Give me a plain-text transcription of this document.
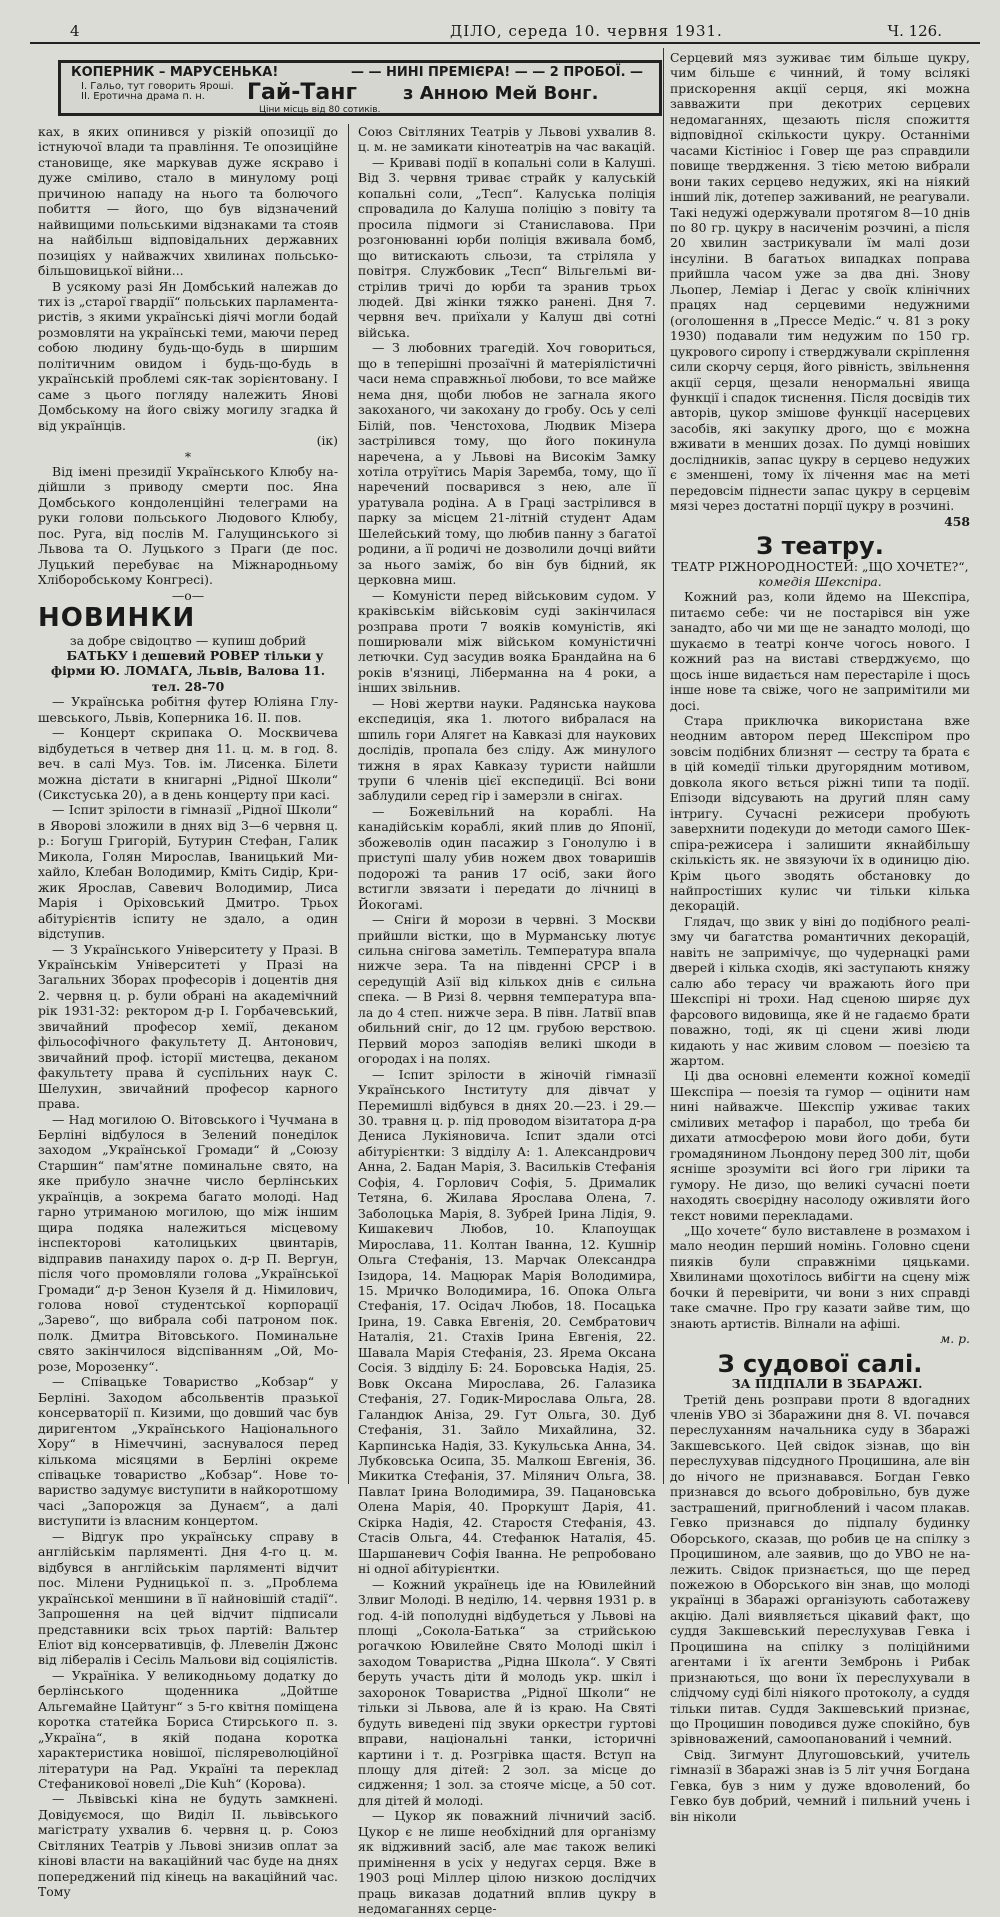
4	ДІЛО, середа 10. червня 1931.	Ч. 126.
КОПЕРНИК – МАРУСЕНЬКА!	— — НИНІ ПРЕМІЄРА! — — 2 ПРОБОЇ. —
І. Гальо, тут говорить Яроші.
ІІ. Еротична драма п. н.	Гай-Танг	з Анною Мей Вонг.
Ціни місць від 80 сотиків.

ках, в яких опинився у різкій опозиції до істнуючої влади та правління. Те опозиційне становище, яке маркував дуже яскраво і дуже сміливо, стало в минулому році причиною нападу на нього та болючого побиття — його, що був відзначений найвищими польськими відзнаками та стояв на найбільш відповідальних державних позиціях у найважчих хвилинах польсько-більшовицької війни...

В усякому разі Ян Домбський належав до тих із „старої гвардії“ польських парламентаристів, з якими українські діячі могли бодай розмовляти на українські теми, маючи перед собою людину будь-що-будь в ширшим політичним овидом і будь-що-будь в українській проблемі сяк-так зорієнтовану. І саме з цього погляду належить Янові Домбському на його свіжу могилу згадка й від українців.

(ік)

*

Від імені президії Українського Клюбу надійшли з приводу смерти пос. Яна Домбського кондоленційні телеграми на руки голови польського Людового Клюбу, пос. Руга, від послів М. Галущинського зі Львова та О. Луцького з Праги (де пос. Луцький перебуває на Міжнародньому Хліборобському Конгресі).

—о—

НОВИНКИ

за добре свідоцтво — купиш добрий

БАТЬКУ і дешевий РОВЕР тільки у фірми Ю. ЛОМАГА, Львів, Валова 11. тел. 28-70

— Українська робітня футер Юліяна Глушевського, Львів, Коперника 16. II. пов.

— Концерт скрипака О. Москвичева відбудеться в четвер дня 11. ц. м. в год. 8. веч. в салі Муз. Тов. ім. Лисенка. Білети можна дістати в книгарні „Рідної Школи“ (Сикстуська 20), а в день концерту при касі.

— Іспит зрілости в гімназії „Рідної Школи“ в Яворові зложили в днях від 3—6 червня ц. р.: Богуш Григорій, Бутурин Стефан, Галик Микола, Голян Мирослав, Іваницький Михайло, Клебан Володимир, Кміть Сидір, Крижик Ярослав, Савевич Володимир, Лиса Марія і Оріховський Дмитро. Трьох абітурієнтів іспиту не здало, а один відступив.

— З Українського Університету у Празі. В Українськім Університеті у Празі на Загальних Зборах професорів і доцентів дня 2. червня ц. р. були обрані на академічний рік 1931-32: ректором д-р І. Горбачевський, звичайний професор хемії, деканом фільософічного факультету Д. Антонович, звичайний проф. історії мистецва, деканом факультету права й суспільних наук С. Шелухин, звичайний професор карного права.

— Над могилою О. Вітовського і Чучмана в Берліні відбулося в Зелений понеділок заходом „Української Громади“ й „Союзу Старшин“ пам'ятне поминальне свято, на яке прибуло значне число берлінських українців, а зокрема багато молоді. Над гарно утриманою могилою, що між іншим щира подяка належиться місцевому інспекторові католицьких цвинтарів, відправив панахиду парох о. д-р П. Вергун, після чого промовляли голова „Української Громади“ д-р Зенон Кузеля й д. Німилович, голова нової студентської корпорації „Зарево“, що вибрала собі патроном пок. полк. Дмитра Вітовського. Поминальне свято закінчилося відспіванням „Ой, Морозе, Морозенку“.

— Співацьке Товариство „Кобзар“ у Берліні. Заходом абсольвентів празької консерваторії п. Кизими, що довший час був диригентом „Українського Національного Хору“ в Німеччині, заснувалося перед кількома місяцями в Берліні окреме співацьке товариство „Кобзар“. Нове товариство задумує виступити в найкоротшому часі „Запорожця за Дунаєм“, а далі виступити із власним концертом.

— Відгук про українську справу в англійськім парляменті. Дня 4-го ц. м. відбувся в англійськім парляменті відчит пос. Мілени Рудницької п. з. „Проблема української меншини в її найновішій стадії“. Запрошення на цей відчит підписали представники всіх трьох партій: Вальтер Еліот від консервативців, ф. Ллевелін Джонс від лібералів і Сесіль Мальови від соціялістів.

— Україніка. У великодньому додатку до берлінського щоденника „Дойтше Альгемайне Цайтунг“ з 5-го квітня поміщена коротка статейка Бориса Стирського п. з. „Україна“, в якій подана коротка характеристика новішої, післяреволюційної літератури на Рад. Україні та переклад Стефаникової новелі „Die Kuh“ (Корова).

— Львівські кіна не будуть замкнені. Довідуємося, що Виділ II. львівського магістрату ухвалив 6. червня ц. р. Союз Світляних Театрів у Львові знизив оплат за кінові власти на вакаційний час буде на днях попереджений під кінець на вакаційний час. Тому

Союз Світляних Театрів у Львові ухвалив 8. ц. м. не замикати кінотеатрів на час вакацій.

— Криваві події в копальні соли в Калуші. Від 3. червня триває страйк у калуській копальні соли, „Тесп“. Калуська поліція спровадила до Калуша поліцію з повіту та просила підмоги зі Станиславова. При розгонюванні юрби поліція вживала бомб, що витискають сльози, та стріляла у повітря. Службовик „Тесп“ Вільгельмі вистрілив тричі до юрби та зранив трьох людей. Дві жінки тяжко ранені. Дня 7. червня веч. приїхали у Калуш дві сотні війська.

— З любовних трагедій. Хоч говориться, що в теперішні прозаїчні й матеріялістичні часи нема справжньої любови, то все майже нема дня, щоби любов не загнала якого закоханого, чи закохану до гробу. Ось у селі Білій, пов. Ченстохова, Людвик Мізера застрілився тому, що його покинула наречена, а у Львові на Високім Замку хотіла отруїтись Марія Заремба, тому, що її наречений посварився з нею, але її уратувала родіна. А в Граці застрілився в парку за місцем 21-літній студент Адам Шелейський тому, що любив панну з багатої родини, а її родичі не дозволили дочці вийти за нього заміж, бо він був бідний, як церковна миш.

— Комуністи перед військовим судом. У краківськім військовім суді закінчилася розправа проти 7 вояків комуністів, які поширювали між військом комуністичні летючки. Суд засудив вояка Брандайна на 6 років в'язниці, Ліберманна на 4 роки, а інших звільнив.

— Нові жертви науки. Радянська наукова експедиція, яка 1. лютого вибралася на шпиль гори Алягет на Кавказі для наукових дослідів, пропала без сліду. Аж минулого тижня в ярах Кавказу туристи найшли трупи 6 членів цієї експедиції. Всі вони заблудили серед гір і замерзли в снігах.

— Божевільний на кораблі. На канадійськім кораблі, який плив до Японії, збожеволів один пасажир з Гонолулю і в приступі шалу убив ножем двох товаришів подорожі та ранив 17 осіб, заки його встигли звязати і передати до лічниці в Йокогамі.

— Сніги й морози в червні. З Москви прийшли вістки, що в Мурманську лютує сильна снігова заметіль. Температура впала нижче зера. Та на південні СРСР і в середущій Азії від кількох днів є сильна спека. — В Ризі 8. червня температура впала до 4 степ. нижче зера. В півн. Латвії впав обильний сніг, до 12 цм. грубою верствою. Первий мороз заподіяв великі шкоди в огородах і на полях.

— Іспит зрілости в жіночій гімназії Українського Інституту для дівчат у Перемишлі відбувся в днях 20.—23. і 29.—30. травня ц. р. під проводом візитатора д-ра Дениса Лукіяновича. Іспит здали отсі абітурієнтки: З відділу А: 1. Александрович Анна, 2. Бадан Марія, 3. Васильків Стефанія Софія, 4. Горлович Софія, 5. Дрималик Тетяна, 6. Жилава Ярослава Олена, 7. Заболоцька Марія, 8. Зубрей Ірина Лідія, 9. Кишакевич Любов, 10. Клапоущак Мирослава, 11. Колтан Іванна, 12. Кушнір Ольга Стефанія, 13. Марчак Олександра Ізидора, 14. Мацюрак Марія Володимира, 15. Мричко Володимира, 16. Опока Ольга Стефанія, 17. Осідач Любов, 18. Посацька Ірина, 19. Савка Евгенія, 20. Сембратович Наталія, 21. Стахів Ірина Евгенія, 22. Шавала Марія Стефанія, 23. Ярема Оксана Сосія. З відділу Б: 24. Боровська Надія, 25. Вовк Оксана Мирослава, 26. Галазика Стефанія, 27. Годик-Мирослава Ольга, 28. Галандюк Аніза, 29. Гут Ольга, 30. Дуб Стефанія, 31. Зайло Михайлина, 32. Карпинська Надія, 33. Кукульська Анна, 34. Лубковська Осипа, 35. Малкош Евгенія, 36. Микитка Стефанія, 37. Мілянич Ольга, 38. Павлат Ірина Володимира, 39. Пацановська Олена Марія, 40. Проркушт Дарія, 41. Скірка Надія, 42. Старостя Стефанія, 43. Стасів Ольга, 44. Стефанюк Наталія, 45. Шаршаневич Софія Іванна. Не репробовано ні одної абітурієнтки.

— Кожний українець іде на Ювилейний Злвиг Молоді. В неділю, 14. червня 1931 р. в год. 4-ій пополудні відбудеться у Львові на площі „Сокола-Батька“ за стрийською рогачкою Ювилейне Свято Молоді шкіл і заходом Товариства „Рідна Школа“. У Святі беруть участь діти й молодь укр. шкіл і захоронок Товариства „Рідної Школи“ не тільки зі Львова, але й із краю. На Святі будуть виведені під звуки оркестри гуртові вправи, національні танки, історичні картини і т. д. Розгрівка щастя. Вступ на площу для дітей: 2 зол. за місце до сидження; 1 зол. за стояче місце, а 50 сот. для дітей й молоді.

— Цукор як поважний лічничий засіб. Цукор є не лише необхідний для організму як відживний засіб, але має також великі примінення в усіх у недугах серця. Вже в 1903 році Міллер цілою низкою дослідчих праць виказав додатний вплив цукру в недомаганнях серце-

Серцевий мяз зуживає тим більше цукру, чим більше є чинний, й тому всілякі прискорення акції серця, які можна завважити при декотрих серцевих недомаганнях, щезають після спожиття відповідної скількости цукру. Останніми часами Кістініос і Говер ще раз справдили повище твердження. З тією метою вибрали вони таких серцево недужих, які на ніякий інший лік, дотепер заживаний, не реагували. Такі недужі одержували протягом 8—10 днів по 80 гр. цукру в насиченім розчині, а після 20 хвилин застрикували їм малі дози інсуліни. В багатьох випадках поправа прийшла часом уже за два дні. Знову Льопер, Леміар і Дегас у своїк клінічних працях над серцевими недужними (оголошення в „Прессе Медіс.“ ч. 81 з року 1930) подавали тим недужим по 150 гр. цукрового сиропу і стверджували скріплення сили скорчу серця, його рівність, звільнення акції серця, щезали ненормальні явища функції і спадок тиснення. Після досвідів тих авторів, цукор змішове функції насерцевих засобів, які закупку дрого, що є можна вживати в менших дозах. По думці новіших дослідників, запас цукру в серцево недужих є зменшені, тому їх лічення має на меті передовсім піднести запас цукру в серцевім мязі через достатні порції цукру в розчині.

458

З театру.

ТЕАТР РІЖНОРОДНОСТЕЙ: „ЩО ХОЧЕТЕ?“,

комедія Шекспіра.

Кожний раз, коли йдемо на Шекспіра, питаємо себе: чи не постарівся він уже занадто, або чи ми ще не занадто молоді, що шукаємо в театрі конче чогось нового. І кожний раз на виставі стверджуємо, що щось інше видається нам перестаріле і щось інше нове та свіже, чого не запримітили ми досі.

Стара приключка використана вже неодним автором перед Шекспіром про зовсім подібних близнят — сестру та брата є в цій комедії тільки другорядним мотивом, довкола якого вється ріжні типи та події. Епізоди відсувають на другий плян саму інтригу. Сучасні режисери пробують заверхнити подекуди до методи самого Шекспіра-режисера і залишити якнайбільшу скількість як. не звязуючи їх в одиницю дію. Крім цього зводять обстановку до найпростіших кулис чи тільки кілька декорацій.

Глядач, що звик у віні до подібного реалізму чи багатства романтичних декорацій, навіть не запримічує, що чудернацкі рами дверей і кілька сходів, які заступають княжу салю або терасу чи вражають його при Шекспірі ні трохи. Над сценою ширяє дух фарсового видовища, яке й не гадаємо брати поважно, тоді, як ці сцени живі люди кидають у нас живим словом — поезією та жартом.

Ці два основні елементи кожної комедії Шекспіра — поезія та гумор — оцінити нам нині найважче. Шекспір уживає таких сміливих метафор і парабол, що треба би дихати атмосферою мови його доби, бути громадянином Льондону перед 300 літ, щоби ясніше зрозуміти всі його гри лірики та гумору. Не дизо, що великі сучасні поети находять своєрідну насолоду оживляти його текст новими перекладами.

„Що хочете“ було виставлене в розмахом і мало неодин перший номінь. Головно сцени пияків були справжніми цяцьками. Хвилинами щохотілось вибігти на сцену між бочки й перевірити, чи вони з них справді таке смачне. Про гру казати зайве тим, що знають артистів. Вілнали на афіші.

м. р.

З судової салі.

ЗА ПІДПАЛИ В ЗБАРАЖІ.

Третій день розправи проти 8 вдогадних членів УВО зі Збаражини дня 8. VI. почався переслуханням начальника суду в Збаражі Закшевського. Цей свідок зізнав, що він переслухував підсудного Процишина, але він до нічого не признавався. Богдан Гевко признався до всього добровільно, був дуже застрашений, пригноблений і часом плакав. Гевко признався до підпалу будинку Оборського, сказав, що робив це на спілку з Процишином, але заявив, що до УВО не належить. Свідок признається, що ще перед пожежою в Оборського він знав, що молоді українці в Збаражі організують саботажеву акцію. Далі виявляється цікавий факт, що суддя Закшевський переслухував Гевка і Процишина на спілку з поліційними агентами і їх агенти Зембронь і Рибак признаються, що вони їх переслухували в слідчому суді білі ніякого протоколу, а суддя тільки питав. Суддя Закшевський признає, що Процишин поводився дуже спокійно, був зрівноважений, самоопанований і чемний.

Свід. Зигмунт Длугошовський, учитель гімназії в Збаражі знав із 5 літ учня Богдана Гевка, був з ним у дуже вдоволений, бо Гевко був добрий, чемний і пильний учень і він ніколи
